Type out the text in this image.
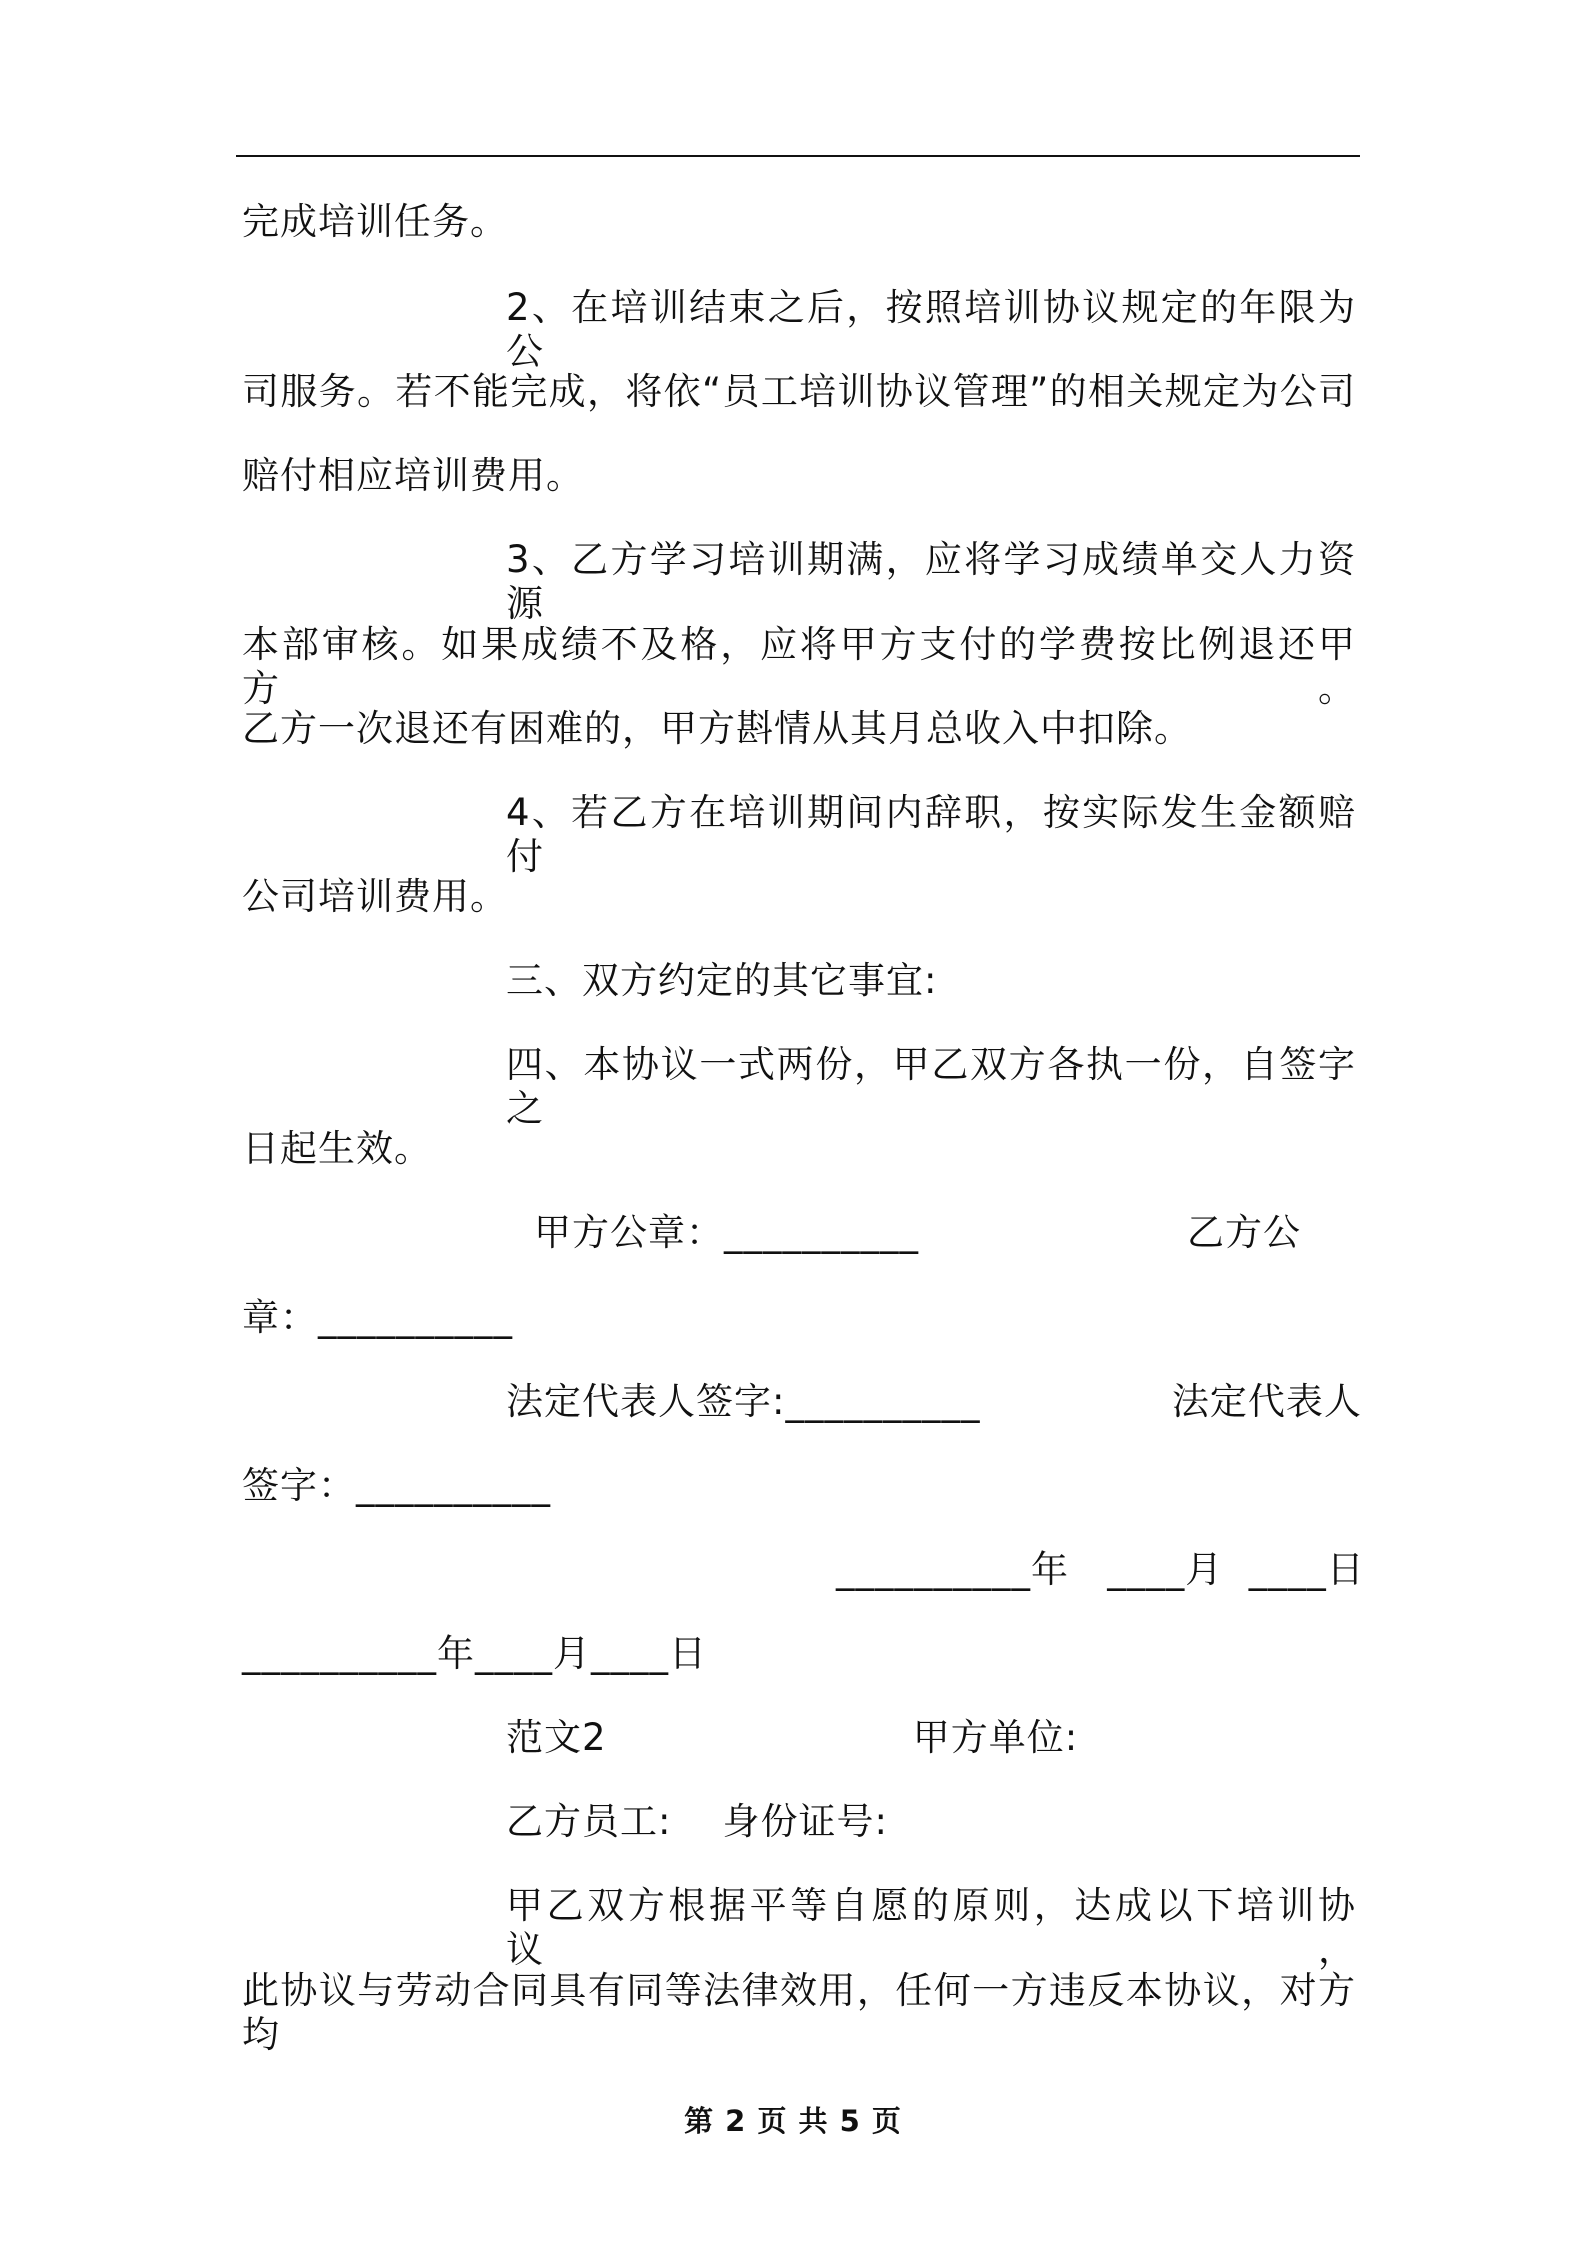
完成培训任务。
2、在培训结束之后，按照培训协议规定的年限为公
司服务。若不能完成，将依“员工培训协议管理”的相关规定为公司
赔付相应培训费用。
3、乙方学习培训期满，应将学习成绩单交人力资源
本部审核。如果成绩不及格，应将甲方支付的学费按比例退还甲方。
乙方一次退还有困难的，甲方斟情从其月总收入中扣除。
4、若乙方在培训期间内辞职，按实际发生金额赔付
公司培训费用。
三、双方约定的其它事宜:
四、本协议一式两份，甲乙双方各执一份，自签字之
日起生效。
甲方公章：__________                     乙方公
章：__________
法定代表人签字:__________               法定代表人
签字：__________
__________年   ____月  ____日
__________年____月____日
范文2                        甲方单位:
乙方员工:    身份证号:
甲乙双方根据平等自愿的原则，达成以下培训协议，
此协议与劳动合同具有同等法律效用，任何一方违反本协议，对方均
第 2 页 共 5 页
